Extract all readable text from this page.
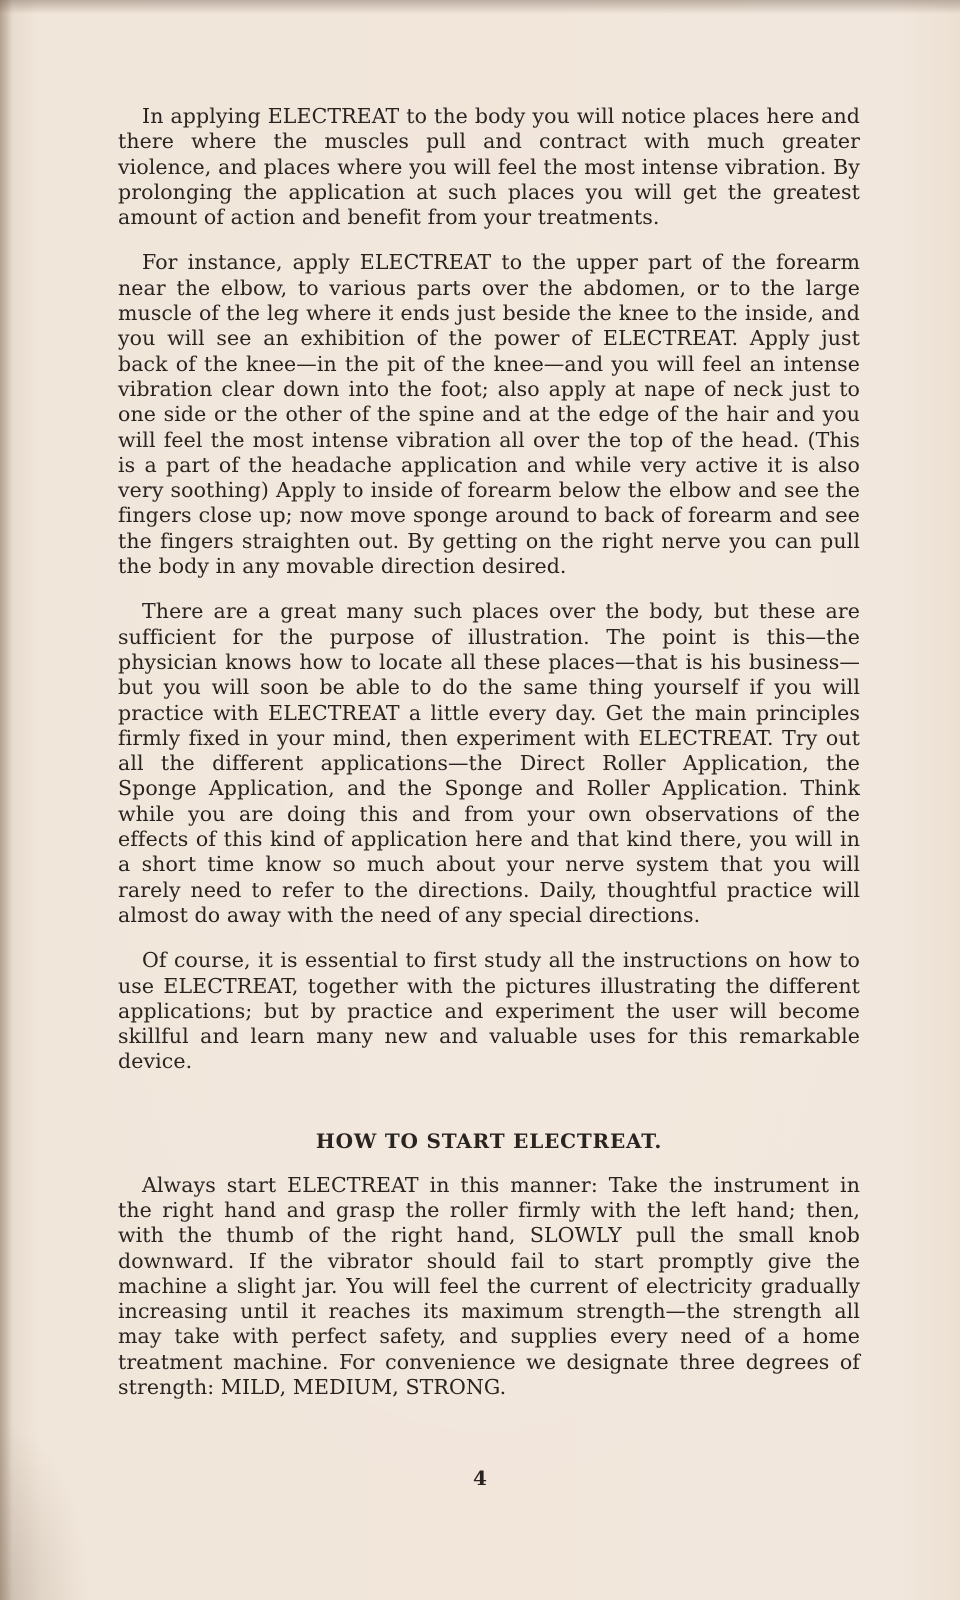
In applying ELECTREAT to the body you will notice places here and there where the muscles pull and contract with much greater violence, and places where you will feel the most intense vibration. By prolonging the application at such places you will get the greatest amount of action and benefit from your treatments.

For instance, apply ELECTREAT to the upper part of the forearm near the elbow, to various parts over the abdomen, or to the large muscle of the leg where it ends just beside the knee to the inside, and you will see an exhibition of the power of ELECTREAT. Apply just back of the knee—in the pit of the knee—and you will feel an intense vibration clear down into the foot; also apply at nape of neck just to one side or the other of the spine and at the edge of the hair and you will feel the most intense vibration all over the top of the head. (This is a part of the headache application and while very active it is also very soothing) Apply to inside of forearm below the elbow and see the fingers close up; now move sponge around to back of forearm and see the fingers straighten out. By getting on the right nerve you can pull the body in any movable direction desired.

There are a great many such places over the body, but these are sufficient for the purpose of illustration. The point is this—the physician knows how to locate all these places—that is his business—but you will soon be able to do the same thing yourself if you will practice with ELECTREAT a little every day. Get the main principles firmly fixed in your mind, then experiment with ELECTREAT. Try out all the different applications—the Direct Roller Application, the Sponge Application, and the Sponge and Roller Application. Think while you are doing this and from your own observations of the effects of this kind of application here and that kind there, you will in a short time know so much about your nerve system that you will rarely need to refer to the directions. Daily, thoughtful practice will almost do away with the need of any special directions.

Of course, it is essential to first study all the instructions on how to use ELECTREAT, together with the pictures illustrating the different applications; but by practice and experiment the user will become skillful and learn many new and valuable uses for this remarkable device.

HOW TO START ELECTREAT.

Always start ELECTREAT in this manner: Take the instrument in the right hand and grasp the roller firmly with the left hand; then, with the thumb of the right hand, SLOWLY pull the small knob downward. If the vibrator should fail to start promptly give the machine a slight jar. You will feel the current of electricity gradually increasing until it reaches its maximum strength—the strength all may take with perfect safety, and supplies every need of a home treatment machine. For convenience we designate three degrees of strength: MILD, MEDIUM, STRONG.

4
